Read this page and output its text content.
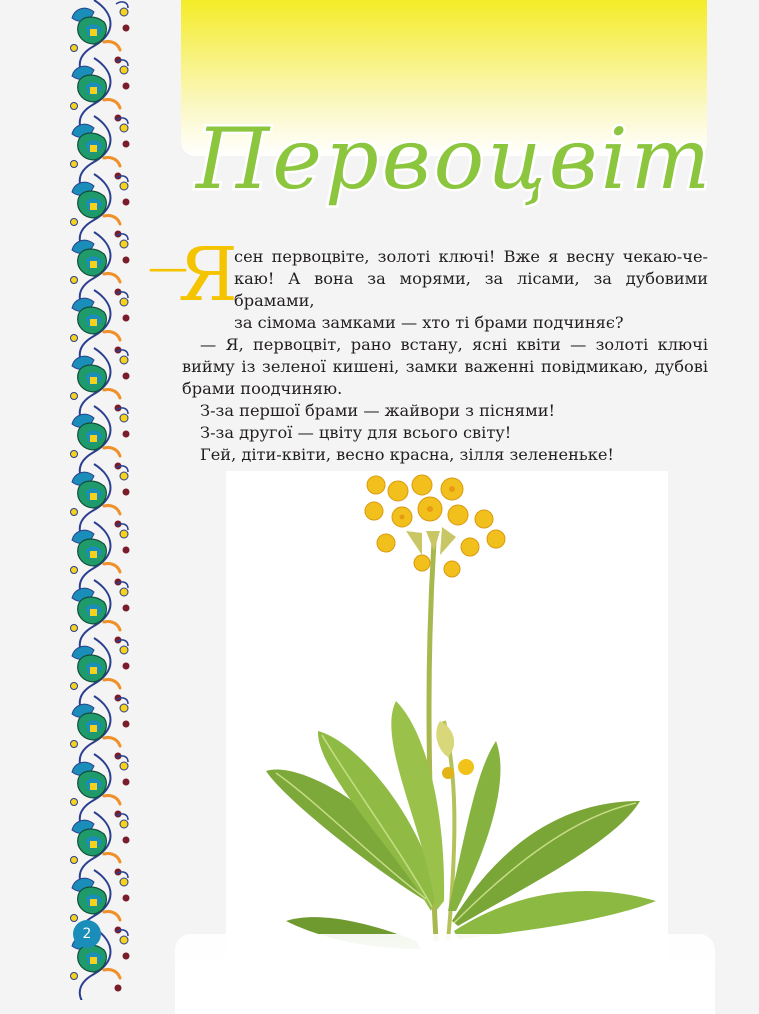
Первоцвіт
—
Я

сен первоцвіте, золоті ключі! Вже я весну чекаю-че-
каю! А вона за морями, за лісами, за дубовими брамами,
за сімома замками — хто ті брами подчиняє?

— Я, первоцвіт, рано встану, ясні квіти — золоті ключі вийму із зеленої кишені, замки важенні повідмикаю, дубові брами поодчиняю.

З-за першої брами — жайвори з піснями!

З-за другої — цвіту для всього світу!

Гей, діти-квіти, весно красна, зілля зелененьке!

2
